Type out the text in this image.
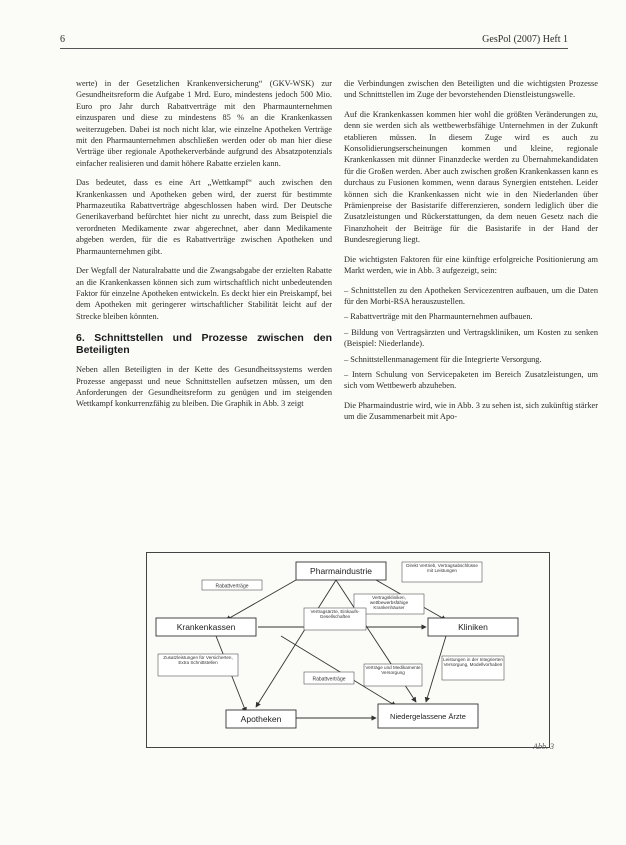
6	GesPol (2007) Heft 1

werte) in der Gesetzlichen Krankenversicherung“ (GKV-WSK) zur Gesundheitsreform die Aufgabe 1 Mrd. Euro, mindestens jedoch 500 Mio. Euro pro Jahr durch Rabattverträge mit den Pharmaunternehmen einzusparen und diese zu mindestens 85 % an die Krankenkassen weiterzugeben. Dabei ist noch nicht klar, wie einzelne Apotheken Verträge mit den Pharmaunternehmen abschließen werden oder ob man hier diese Verträge über regionale Apothekerverbände aufgrund des Absatzpotenzials einfacher realisieren und damit höhere Rabatte erzielen kann.

Das bedeutet, dass es eine Art „Wettkampf“ auch zwischen den Krankenkassen und Apotheken geben wird, der zuerst für bestimmte Pharmazeutika Rabattverträge abgeschlossen haben wird. Der Deutsche Generikaverband befürchtet hier nicht zu unrecht, dass zum Beispiel die verordneten Medikamente zwar abgerechnet, aber dann Medikamente abgeben werden, für die es Rabattverträge zwischen Apotheken und Pharmaunternehmen gibt.

Der Wegfall der Naturalrabatte und die Zwangsabgabe der erzielten Rabatte an die Krankenkassen können sich zum wirtschaftlich nicht unbedeutenden Faktor für einzelne Apotheken entwickeln. Es deckt hier ein Preiskampf, bei dem Apotheken mit geringerer wirtschaftlicher Stabilität leicht auf der Strecke bleiben könnten.

6. Schnittstellen und Prozesse zwischen den Beteiligten

Neben allen Beteiligten in der Kette des Gesundheitssystems werden Prozesse angepasst und neue Schnittstellen aufsetzen müssen, um den Anforderungen der Gesundheitsreform zu genügen und im steigenden Wettkampf konkurrenzfähig zu bleiben. Die Graphik in Abb. 3 zeigt

die Verbindungen zwischen den Beteiligten und die wichtigsten Prozesse und Schnittstellen im Zuge der bevorstehenden Dienstleistungswelle.

Auf die Krankenkassen kommen hier wohl die größten Veränderungen zu, denn sie werden sich als wettbewerbsfähige Unternehmen in der Zukunft etablieren müssen. In diesem Zuge wird es auch zu Konsolidierungserscheinungen kommen und kleine, regionale Krankenkassen mit dünner Finanzdecke werden zu Übernahmekandidaten für die Großen werden. Aber auch zwischen großen Krankenkassen kann es durchaus zu Fusionen kommen, wenn daraus Synergien entstehen. Leider können sich die Krankenkassen nicht wie in den Niederlanden über Prämienpreise der Basistarife differenzieren, sondern lediglich über die Zusatzleistungen und Rückerstattungen, da dem neuen Gesetz nach die Finanzhoheit der Beiträge für die Basistarife in der Hand der Bundesregierung liegt.

Die wichtigsten Faktoren für eine künftige erfolgreiche Positionierung am Markt werden, wie in Abb. 3 aufgezeigt, sein:

– Schnittstellen zu den Apotheken Servicezentren aufbauen, um die Daten für den Morbi-RSA herauszustellen.
– Rabattverträge mit den Pharmaunternehmen aufbauen.
– Bildung von Vertragsärzten und Vertragskliniken, um Kosten zu senken (Beispiel: Niederlande).
– Schnittstellenmanagement für die Integrierte Versorgung.
– Intern Schulung von Servicepaketen im Bereich Zusatzleistungen, um sich vom Wettbewerb abzuheben.

Die Pharmaindustrie wird, wie in Abb. 3 zu sehen ist, sich zukünftig stärker um die Zusammenarbeit mit Apo-

Pharmaindustrie
Krankenkassen	Kliniken
Apotheken	Niedergelassene Ärzte
Rabattverträge
Direkt Vertrieb, Vertragsabschlüsse mit Leistungen
Vertragskliniken, wettbewerbsfähige Krankenhäuser
Vertragsärzte, Einkaufs-Gesellschaften
Zusatzleistungen für Versicherten, Extra Schnittstellen
Rabattverträge
Verträge und Medikamente Versorgung
Leistungen in der Integrierten Versorgung, Modellvorhaben
Abb. 3
